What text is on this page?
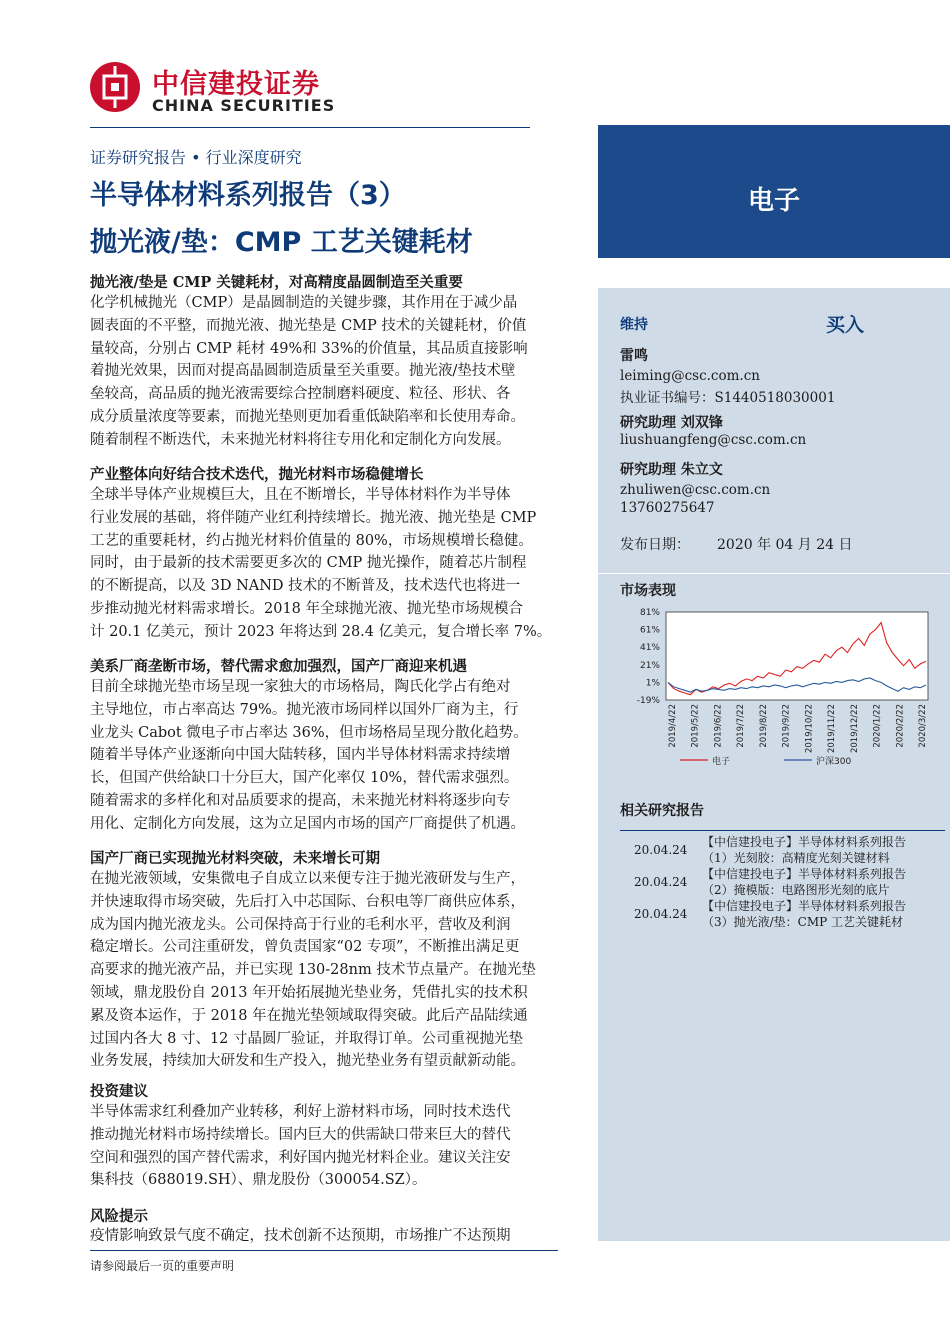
中信建投证券
CHINA SECURITIES
证券研究报告 • 行业深度研究
半导体材料系列报告（3）
抛光液/垫：CMP 工艺关键耗材
电子
维持	买入
雷鸣
leiming@csc.com.cn
执业证书编号：S1440518030001
研究助理 刘双锋
liushuangfeng@csc.com.cn
研究助理 朱立文
zhuliwen@csc.com.cn
13760275647
发布日期： 2020 年 04 月 24 日
市场表现
81%
61%
41%
21%
1%
-19%
2019/4/22 2019/5/22 2019/6/22 2019/7/22 2019/8/22 2019/9/22 2019/10/22 2019/11/22 2019/12/22 2020/1/22 2020/2/22 2020/3/22
电子	沪深300
相关研究报告
20.04.24
【中信建投电子】半导体材料系列报告
（1）光刻胶：高精度光刻关键材料
20.04.24
【中信建投电子】半导体材料系列报告
（2）掩模版：电路图形光刻的底片
20.04.24
【中信建投电子】半导体材料系列报告
（3）抛光液/垫：CMP 工艺关键耗材
抛光液/垫是 CMP 关键耗材，对高精度晶圆制造至关重要

化学机械抛光（CMP）是晶圆制造的关键步骤，其作用在于减少晶

圆表面的不平整，而抛光液、抛光垫是 CMP 技术的关键耗材，价值

量较高，分别占 CMP 耗材 49%和 33%的价值量，其品质直接影响

着抛光效果，因而对提高晶圆制造质量至关重要。抛光液/垫技术壁

垒较高，高品质的抛光液需要综合控制磨料硬度、粒径、形状、各

成分质量浓度等要素，而抛光垫则更加看重低缺陷率和长使用寿命。

随着制程不断迭代，未来抛光材料将往专用化和定制化方向发展。

产业整体向好结合技术迭代，抛光材料市场稳健增长

全球半导体产业规模巨大，且在不断增长，半导体材料作为半导体

行业发展的基础，将伴随产业红利持续增长。抛光液、抛光垫是 CMP

工艺的重要耗材，约占抛光材料价值量的 80%，市场规模增长稳健。

同时，由于最新的技术需要更多次的 CMP 抛光操作，随着芯片制程

的不断提高，以及 3D NAND 技术的不断普及，技术迭代也将进一

步推动抛光材料需求增长。2018 年全球抛光液、抛光垫市场规模合

计 20.1 亿美元，预计 2023 年将达到 28.4 亿美元，复合增长率 7%。

美系厂商垄断市场，替代需求愈加强烈，国产厂商迎来机遇

目前全球抛光垫市场呈现一家独大的市场格局，陶氏化学占有绝对

主导地位，市占率高达 79%。抛光液市场同样以国外厂商为主，行

业龙头 Cabot 微电子市占率达 36%，但市场格局呈现分散化趋势。

随着半导体产业逐渐向中国大陆转移，国内半导体材料需求持续增

长，但国产供给缺口十分巨大，国产化率仅 10%，替代需求强烈。

随着需求的多样化和对品质要求的提高，未来抛光材料将逐步向专

用化、定制化方向发展，这为立足国内市场的国产厂商提供了机遇。

国产厂商已实现抛光材料突破，未来增长可期

在抛光液领域，安集微电子自成立以来便专注于抛光液研发与生产，

并快速取得市场突破，先后打入中芯国际、台积电等厂商供应体系，

成为国内抛光液龙头。公司保持高于行业的毛利水平，营收及利润

稳定增长。公司注重研发，曾负责国家“02 专项”，不断推出满足更

高要求的抛光液产品，并已实现 130-28nm 技术节点量产。在抛光垫

领域，鼎龙股份自 2013 年开始拓展抛光垫业务，凭借扎实的技术积

累及资本运作，于 2018 年在抛光垫领域取得突破。此后产品陆续通

过国内各大 8 寸、12 寸晶圆厂验证，并取得订单。公司重视抛光垫

业务发展，持续加大研发和生产投入，抛光垫业务有望贡献新动能。

投资建议

半导体需求红利叠加产业转移，利好上游材料市场，同时技术迭代

推动抛光材料市场持续增长。国内巨大的供需缺口带来巨大的替代

空间和强烈的国产替代需求，利好国内抛光材料企业。建议关注安

集科技（688019.SH）、鼎龙股份（300054.SZ）。

风险提示

疫情影响致景气度不确定，技术创新不达预期，市场推广不达预期

请参阅最后一页的重要声明
